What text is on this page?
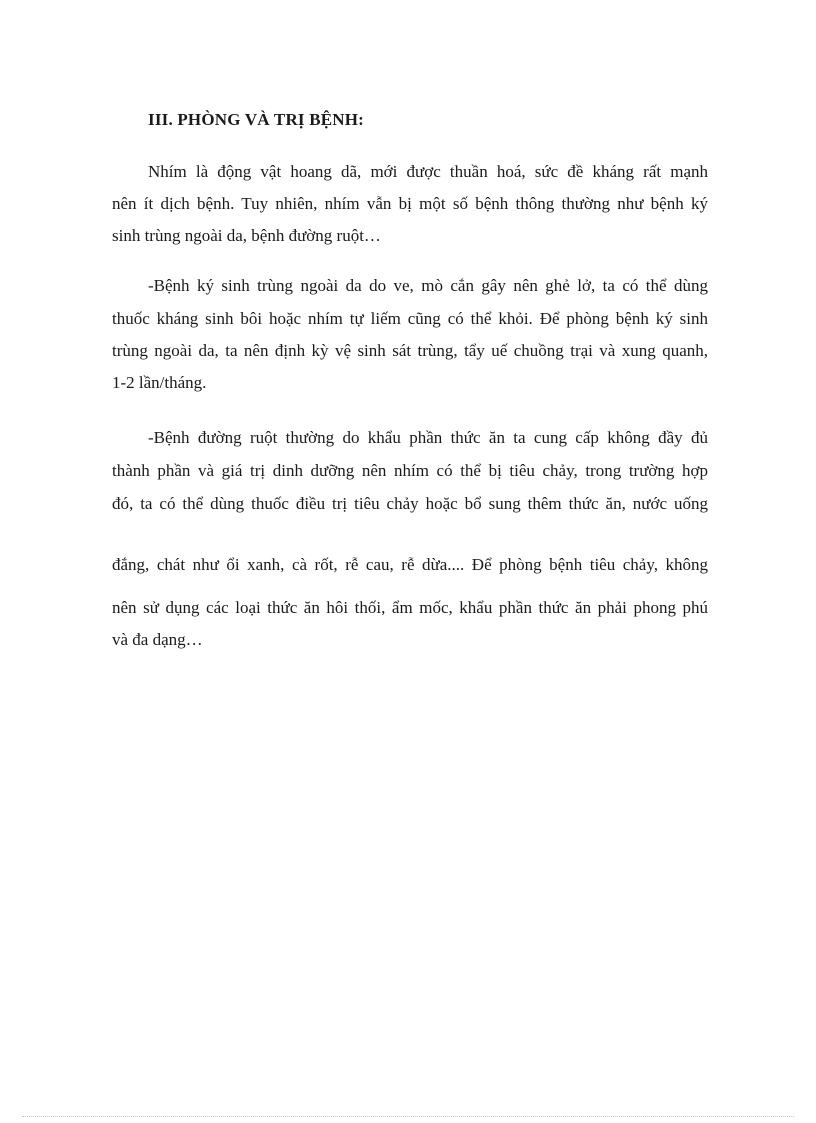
III. PHÒNG VÀ TRỊ BỆNH:

Nhím là động vật hoang dã, mới được thuần hoá, sức đề kháng rất mạnh

nên ít dịch bệnh. Tuy nhiên, nhím vẫn bị một số bệnh thông thường như bệnh ký

sinh trùng ngoài da, bệnh đường ruột…

-Bệnh ký sinh trùng ngoài da do ve, mò cắn gây nên ghẻ lở, ta có thể dùng

thuốc kháng sinh bôi hoặc nhím tự liếm cũng có thể khỏi. Để phòng bệnh ký sinh

trùng ngoài da, ta nên định kỳ vệ sinh sát trùng, tẩy uế chuồng trại và xung quanh,

1-2 lần/tháng.

-Bệnh đường ruột thường do khẩu phần thức ăn ta cung cấp không đầy đủ

thành phần và giá trị dinh dưỡng nên nhím có thể bị tiêu chảy, trong trường hợp

đó, ta có thể dùng thuốc điều trị tiêu chảy hoặc bổ sung thêm thức ăn, nước uống

đắng, chát như ổi xanh, cà rốt, rễ cau, rễ dừa.... Để phòng bệnh tiêu chảy, không

nên sử dụng các loại thức ăn hôi thối, ẩm mốc, khẩu phần thức ăn phải phong phú

và đa dạng…
